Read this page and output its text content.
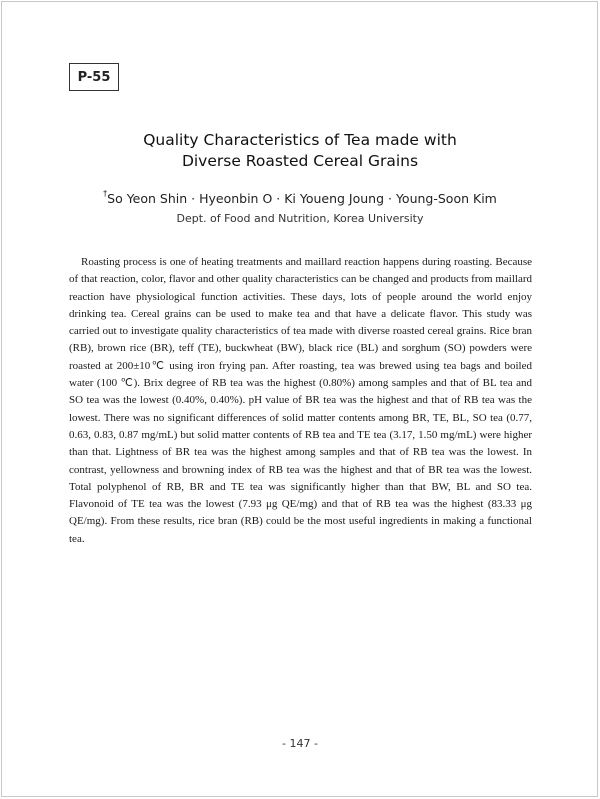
P-55
Quality Characteristics of Tea made with
Diverse Roasted Cereal Grains
†So Yeon Shin · Hyeonbin O · Ki Youeng Joung · Young-Soon Kim
Dept. of Food and Nutrition, Korea University

Roasting process is one of heating treatments and maillard reaction happens during roasting. Because of that reaction, color, flavor and other quality characteristics can be changed and products from maillard reaction have physiological function activities. These days, lots of people around the world enjoy drinking tea. Cereal grains can be used to make tea and that have a delicate flavor. This study was carried out to investigate quality characteristics of tea made with diverse roasted cereal grains. Rice bran (RB), brown rice (BR), teff (TE), buckwheat (BW), black rice (BL) and sorghum (SO) powders were roasted at 200±10℃ using iron frying pan. After roasting, tea was brewed using tea bags and boiled water (100 ℃). Brix degree of RB tea was the highest (0.80%) among samples and that of BL tea and SO tea was the lowest (0.40%, 0.40%). pH value of BR tea was the highest and that of RB tea was the lowest. There was no significant differences of solid matter contents among BR, TE, BL, SO tea (0.77, 0.63, 0.83, 0.87 mg/mL) but solid matter contents of RB tea and TE tea (3.17, 1.50 mg/mL) were higher than that. Lightness of BR tea was the highest among samples and that of RB tea was the lowest. In contrast, yellowness and browning index of RB tea was the highest and that of BR tea was the lowest. Total polyphenol of RB, BR and TE tea was significantly higher than that BW, BL and SO tea. Flavonoid of TE tea was the lowest (7.93 μg QE/mg) and that of RB tea was the highest (83.33 μg QE/mg). From these results, rice bran (RB) could be the most useful ingredients in making a functional tea.

- 147 -
